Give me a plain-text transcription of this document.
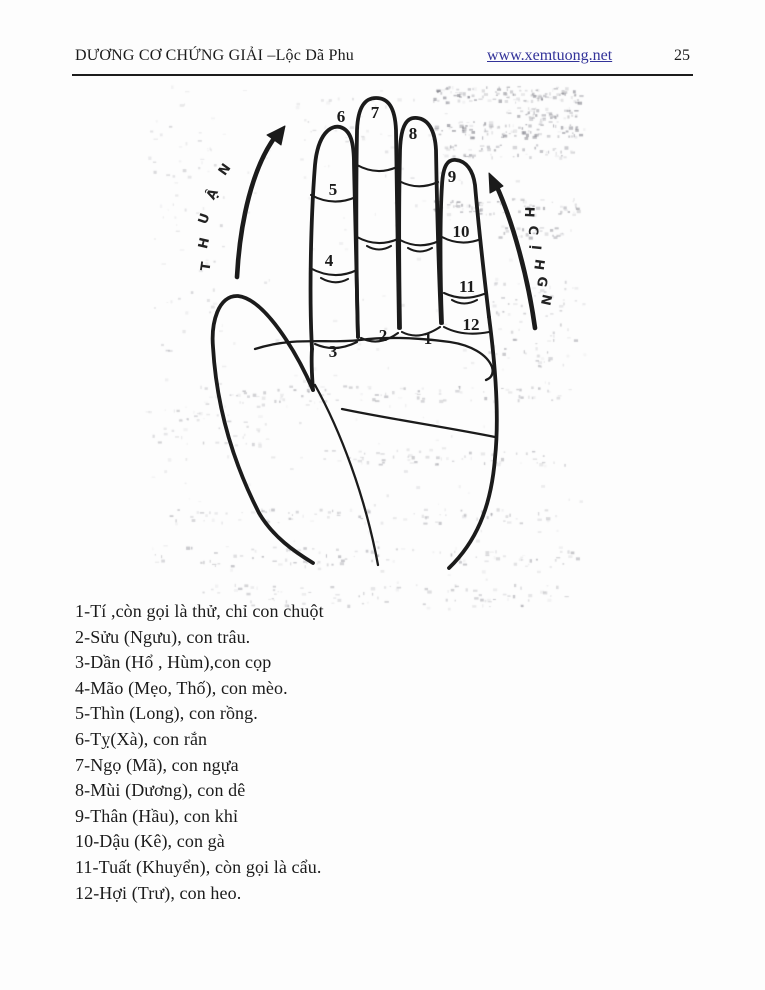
DƯƠNG CƠ CHỨNG GIẢI –Lộc Dã Phu	www.xemtuong.net	25
1
2
3
4
5
6 7
8
9
10
11
12
T
H
U
Ậ
N
N
G
H
Ị
C
H
1-Tí ,còn gọi là thử, chỉ con chuột
2-Sửu (Ngưu), con trâu.
3-Dần (Hổ , Hùm),con cọp
4-Mão (Mẹo, Thố), con mèo.
5-Thìn (Long), con rồng.
6-Tỵ(Xà), con rắn
7-Ngọ (Mã), con ngựa
8-Mùi (Dương), con dê
9-Thân (Hầu), con khỉ
10-Dậu (Kê), con gà
11-Tuất (Khuyển), còn gọi là cẩu.
12-Hợi (Trư), con heo.
